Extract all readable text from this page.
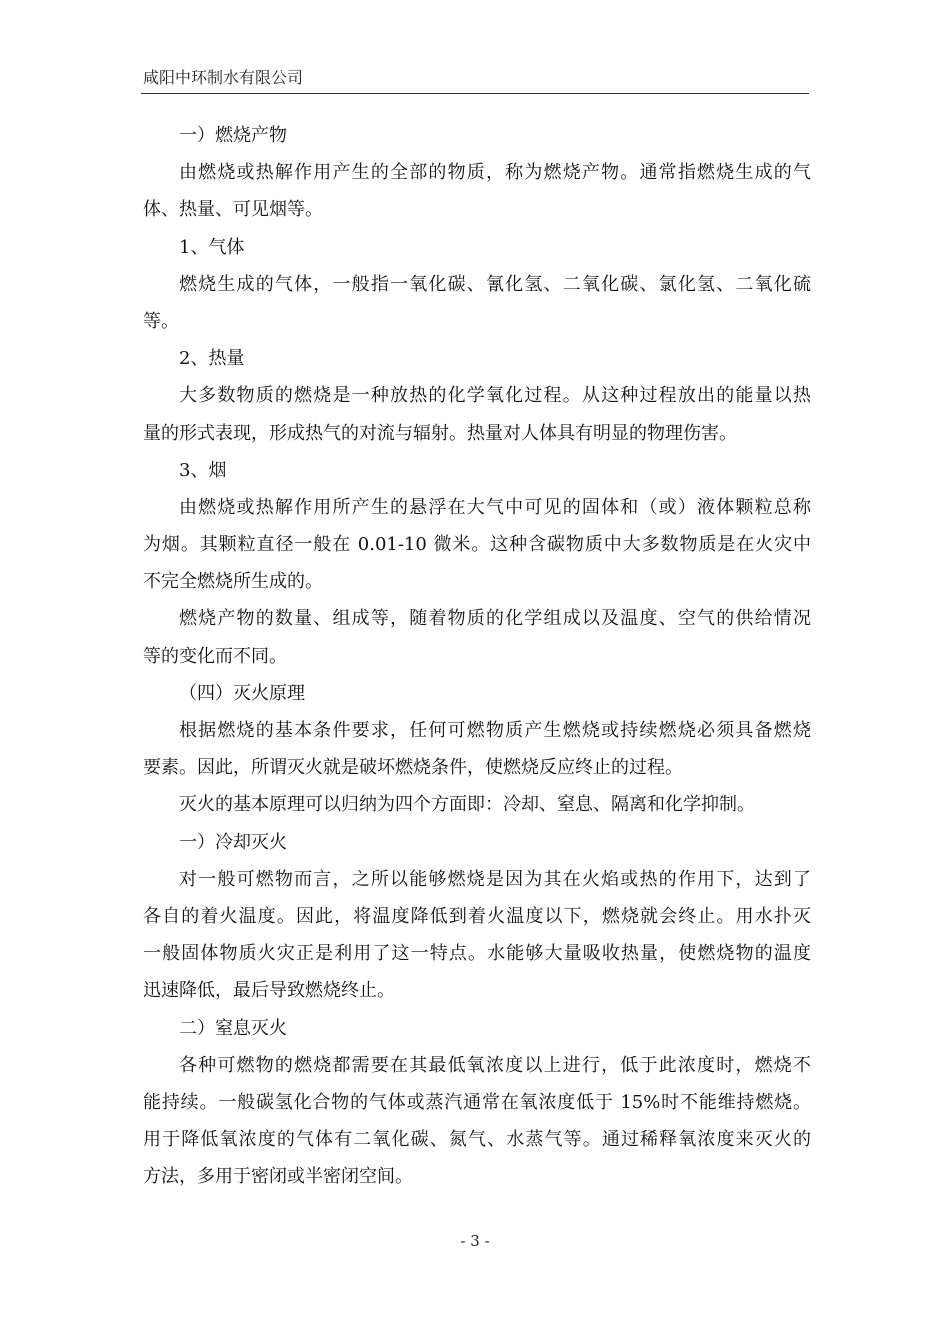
咸阳中环制水有限公司
一）燃烧产物
由燃烧或热解作用产生的全部的物质，称为燃烧产物。通常指燃烧生成的气
体、热量、可见烟等。
1、气体
燃烧生成的气体，一般指一氧化碳、氰化氢、二氧化碳、氯化氢、二氧化硫
等。
2、热量
大多数物质的燃烧是一种放热的化学氧化过程。从这种过程放出的能量以热
量的形式表现，形成热气的对流与辐射。热量对人体具有明显的物理伤害。
3、烟
由燃烧或热解作用所产生的悬浮在大气中可见的固体和（或）液体颗粒总称
为烟。其颗粒直径一般在 0.01-10 微米。这种含碳物质中大多数物质是在火灾中
不完全燃烧所生成的。
燃烧产物的数量、组成等，随着物质的化学组成以及温度、空气的供给情况
等的变化而不同。
（四）灭火原理
根据燃烧的基本条件要求，任何可燃物质产生燃烧或持续燃烧必须具备燃烧
要素。因此，所谓灭火就是破坏燃烧条件，使燃烧反应终止的过程。
灭火的基本原理可以归纳为四个方面即：冷却、窒息、隔离和化学抑制。
一）冷却灭火
对一般可燃物而言，之所以能够燃烧是因为其在火焰或热的作用下，达到了
各自的着火温度。因此，将温度降低到着火温度以下，燃烧就会终止。用水扑灭
一般固体物质火灾正是利用了这一特点。水能够大量吸收热量，使燃烧物的温度
迅速降低，最后导致燃烧终止。
二）窒息灭火
各种可燃物的燃烧都需要在其最低氧浓度以上进行，低于此浓度时，燃烧不
能持续。一般碳氢化合物的气体或蒸汽通常在氧浓度低于 15%时不能维持燃烧。
用于降低氧浓度的气体有二氧化碳、氮气、水蒸气等。通过稀释氧浓度来灭火的
方法，多用于密闭或半密闭空间。
- 3 -
